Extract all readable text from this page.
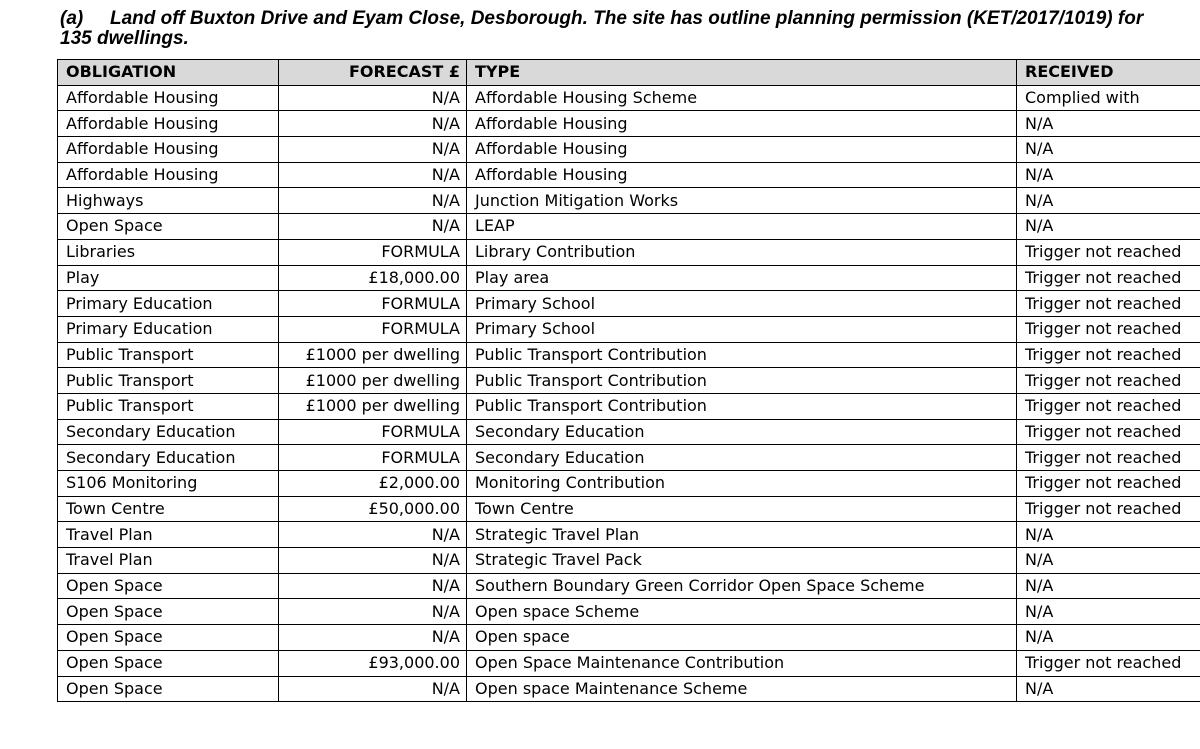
(a) Land off Buxton Drive and Eyam Close, Desborough. The site has outline planning permission (KET/2017/1019) for 135 dwellings.
OBLIGATION	FORECAST £	TYPE	RECEIVED
Affordable Housing	N/A	Affordable Housing Scheme	Complied with
Affordable Housing	N/A	Affordable Housing	N/A
Affordable Housing	N/A	Affordable Housing	N/A
Affordable Housing	N/A	Affordable Housing	N/A
Highways	N/A	Junction Mitigation Works	N/A
Open Space	N/A	LEAP	N/A
Libraries	FORMULA	Library Contribution	Trigger not reached
Play	£18,000.00	Play area	Trigger not reached
Primary Education	FORMULA	Primary School	Trigger not reached
Primary Education	FORMULA	Primary School	Trigger not reached
Public Transport	£1000 per dwelling	Public Transport Contribution	Trigger not reached
Public Transport	£1000 per dwelling	Public Transport Contribution	Trigger not reached
Public Transport	£1000 per dwelling	Public Transport Contribution	Trigger not reached
Secondary Education	FORMULA	Secondary Education	Trigger not reached
Secondary Education	FORMULA	Secondary Education	Trigger not reached
S106 Monitoring	£2,000.00	Monitoring Contribution	Trigger not reached
Town Centre	£50,000.00	Town Centre	Trigger not reached
Travel Plan	N/A	Strategic Travel Plan	N/A
Travel Plan	N/A	Strategic Travel Pack	N/A
Open Space	N/A	Southern Boundary Green Corridor Open Space Scheme	N/A
Open Space	N/A	Open space Scheme	N/A
Open Space	N/A	Open space	N/A
Open Space	£93,000.00	Open Space Maintenance Contribution	Trigger not reached
Open Space	N/A	Open space Maintenance Scheme	N/A
